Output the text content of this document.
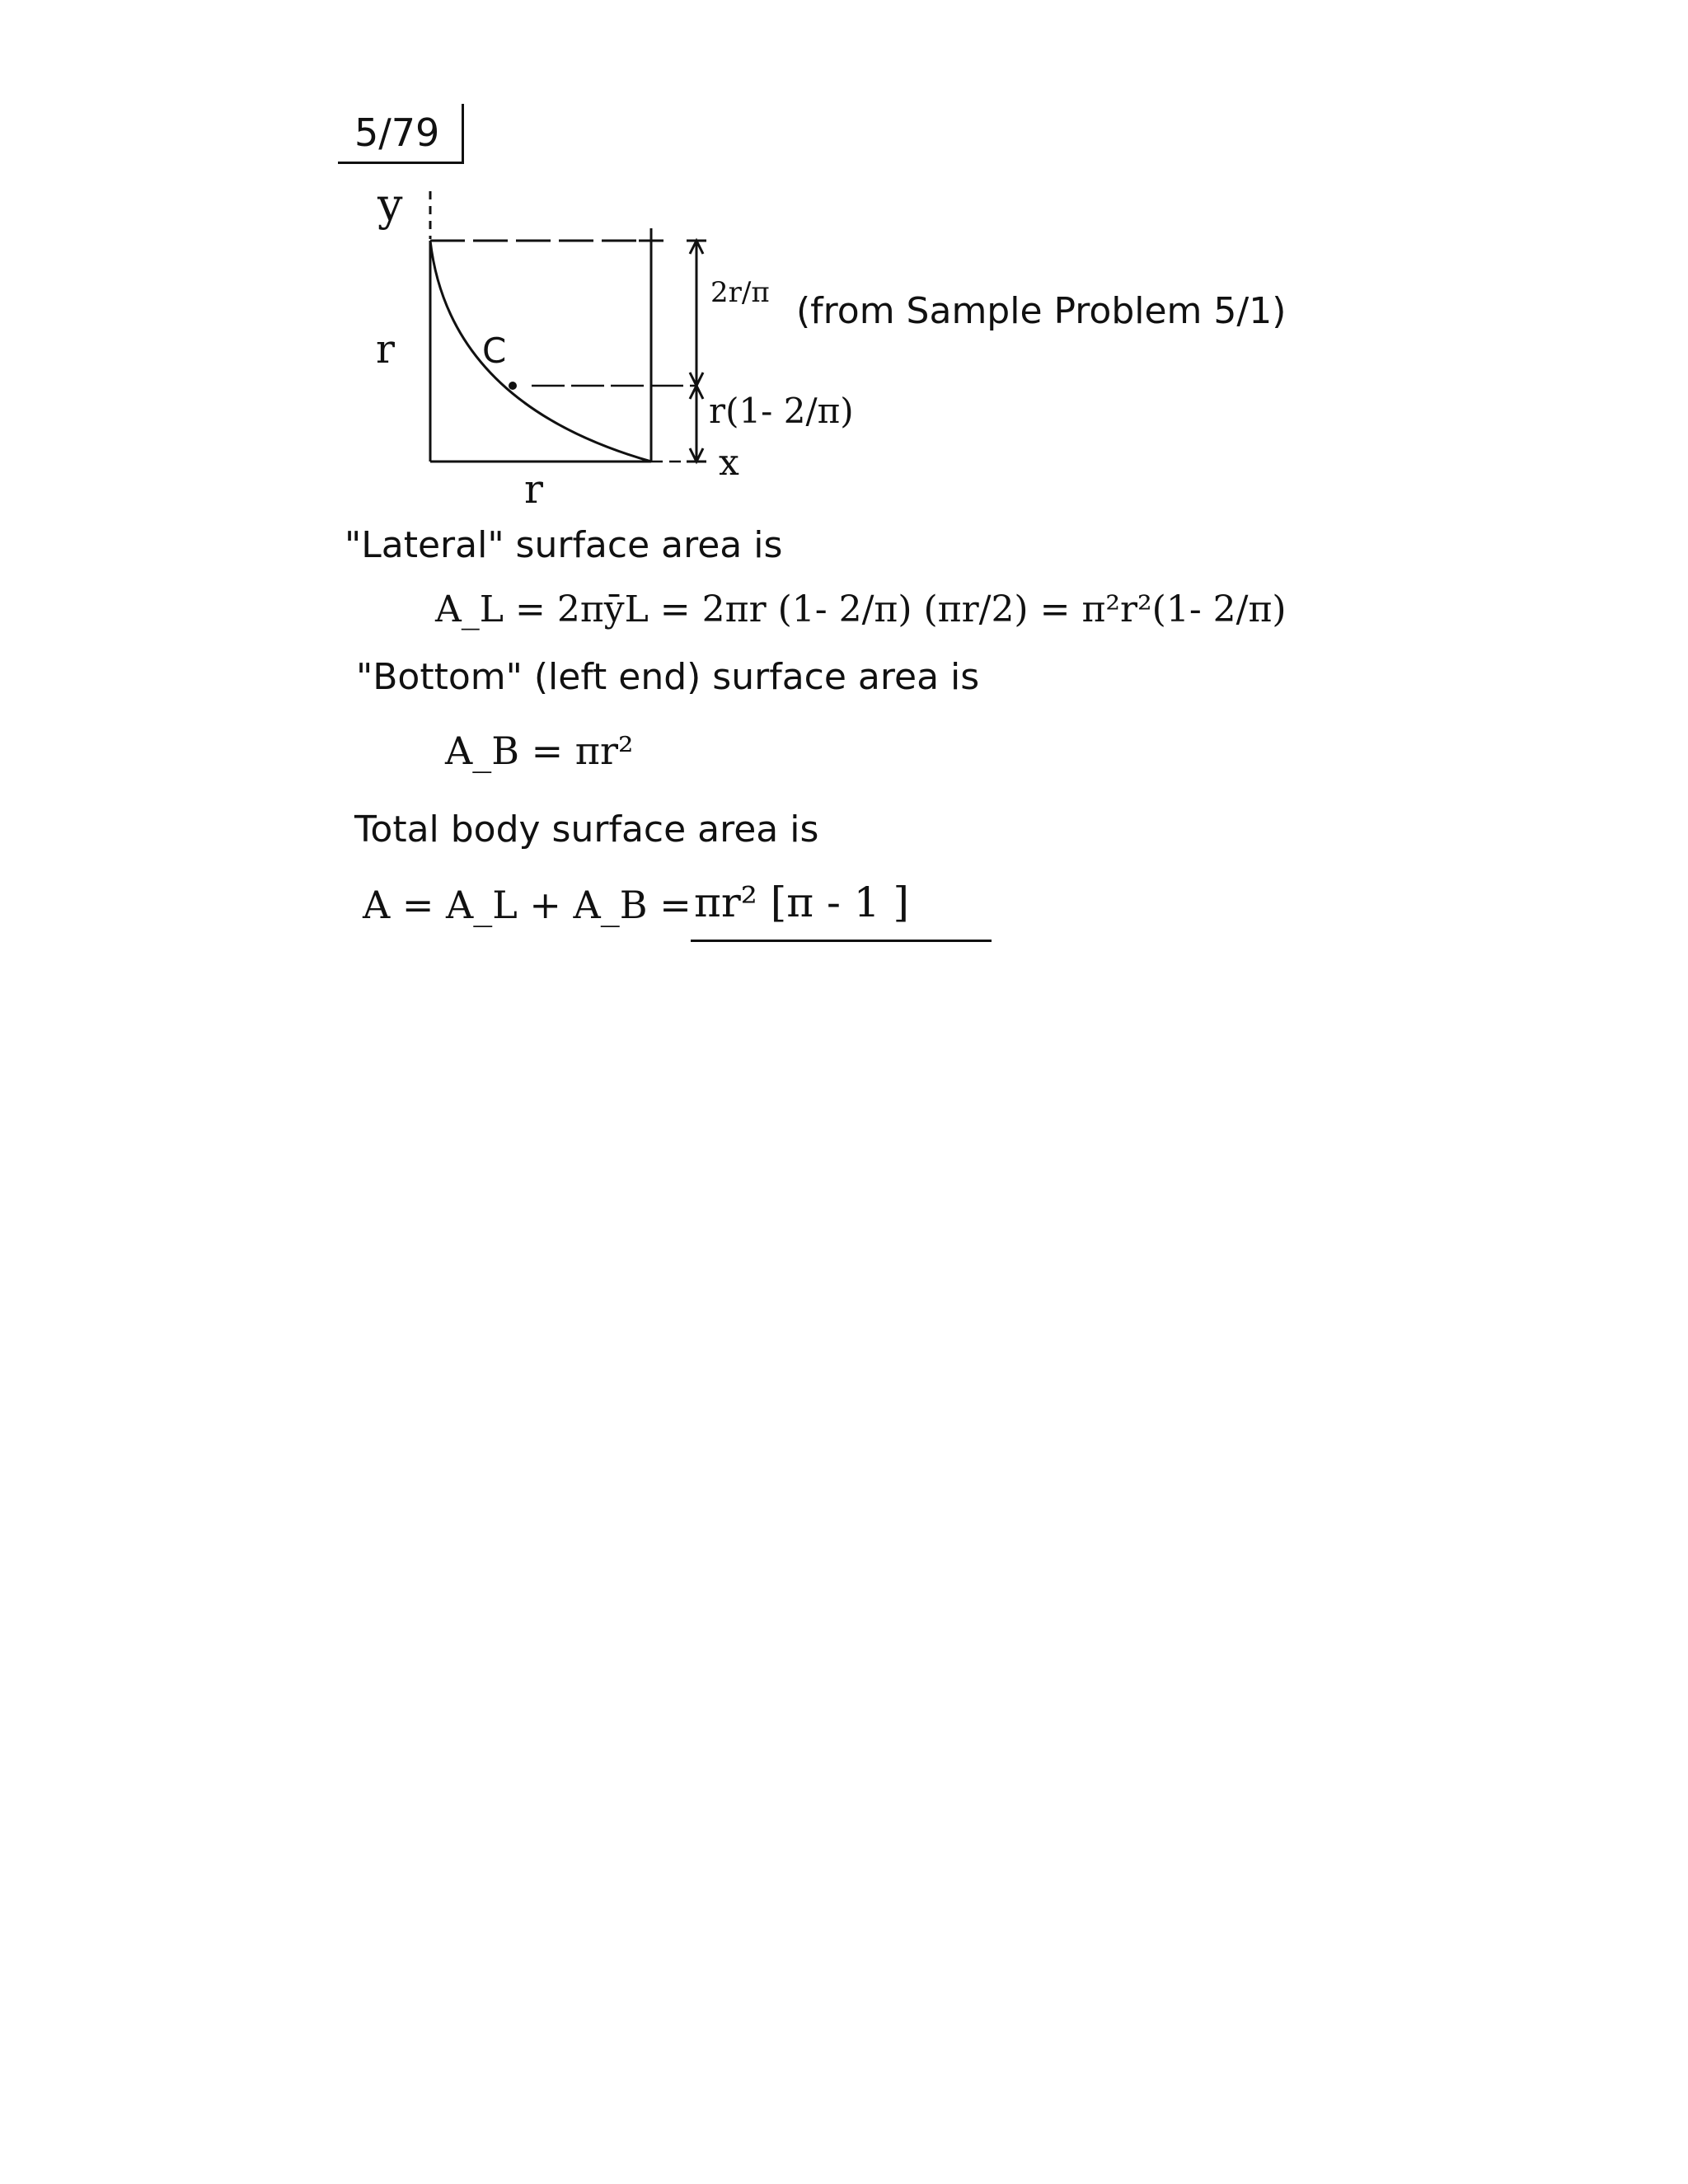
5/79
y
r	C
r
x
2r/π
r(1- 2/π)
(from Sample Problem 5/1)
"Lateral" surface area is
A_L = 2πȳL = 2πr (1- 2/π) (πr/2) = π²r²(1- 2/π)
"Bottom" (left end) surface area is
A_B = πr²
Total body surface area is
A = A_L + A_B = πr² [π - 1 ]
